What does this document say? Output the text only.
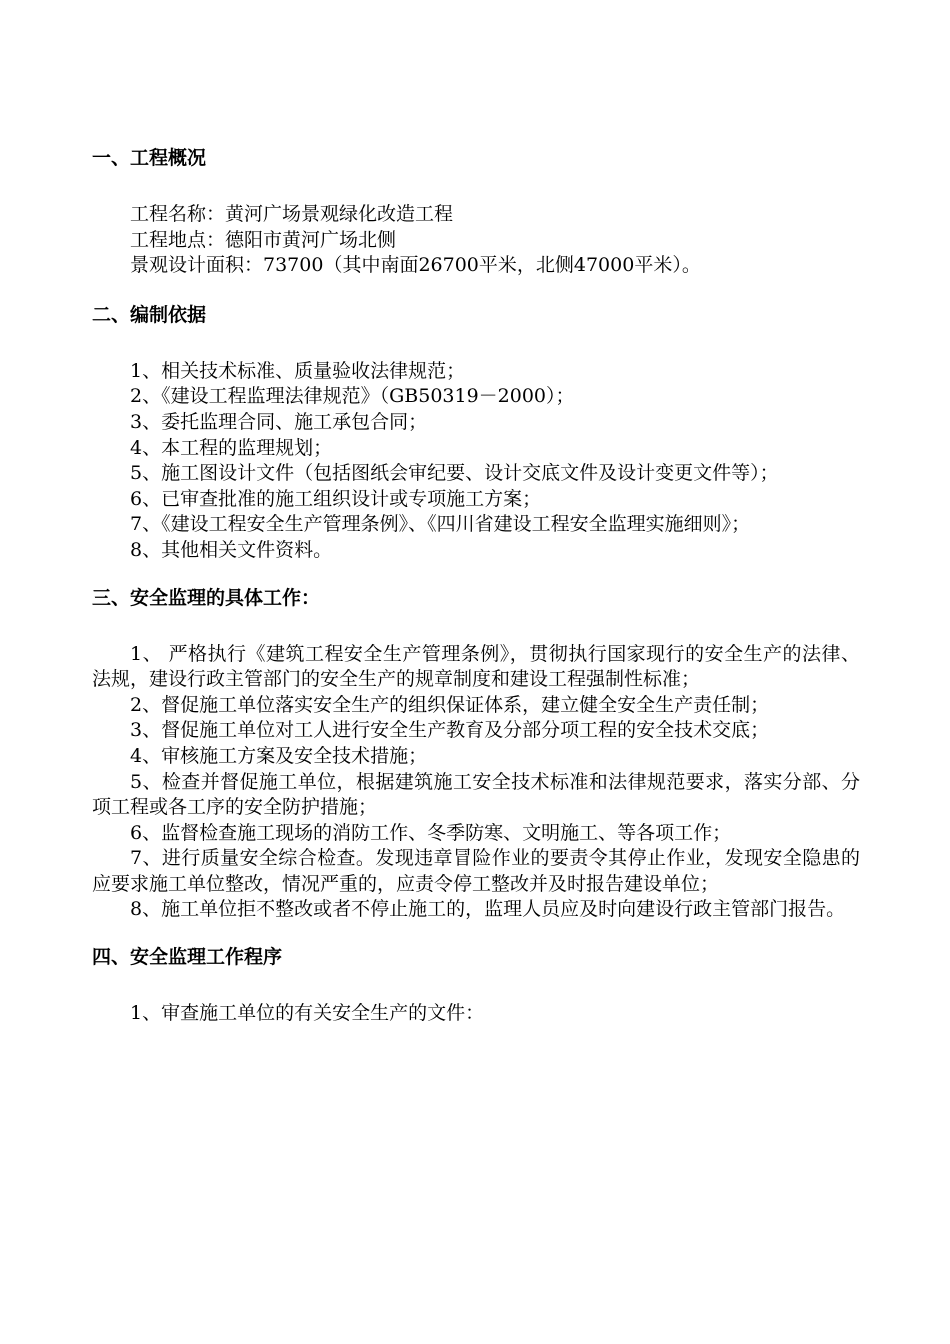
一、工程概况

工程名称：黄河广场景观绿化改造工程

工程地点：德阳市黄河广场北侧

景观设计面积：73700（其中南面26700平米，北侧47000平米）。

二、编制依据

1、相关技术标准、质量验收法律规范；

2、《建设工程监理法律规范》（GB50319－2000）；

3、委托监理合同、施工承包合同；

4、本工程的监理规划；

5、施工图设计文件（包括图纸会审纪要、设计交底文件及设计变更文件等）；

6、已审查批准的施工组织设计或专项施工方案；

7、《建设工程安全生产管理条例》、《四川省建设工程安全监理实施细则》；

8、其他相关文件资料。

三、安全监理的具体工作：

1、 严格执行《建筑工程安全生产管理条例》，贯彻执行国家现行的安全生产的法律、法规，建设行政主管部门的安全生产的规章制度和建设工程强制性标准；

2、督促施工单位落实安全生产的组织保证体系，建立健全安全生产责任制；

3、督促施工单位对工人进行安全生产教育及分部分项工程的安全技术交底；

4、审核施工方案及安全技术措施；

5、检查并督促施工单位，根据建筑施工安全技术标准和法律规范要求，落实分部、分项工程或各工序的安全防护措施；

6、监督检查施工现场的消防工作、冬季防寒、文明施工、等各项工作；

7、进行质量安全综合检查。发现违章冒险作业的要责令其停止作业，发现安全隐患的应要求施工单位整改，情况严重的，应责令停工整改并及时报告建设单位；

8、施工单位拒不整改或者不停止施工的，监理人员应及时向建设行政主管部门报告。

四、安全监理工作程序

1、审查施工单位的有关安全生产的文件：
